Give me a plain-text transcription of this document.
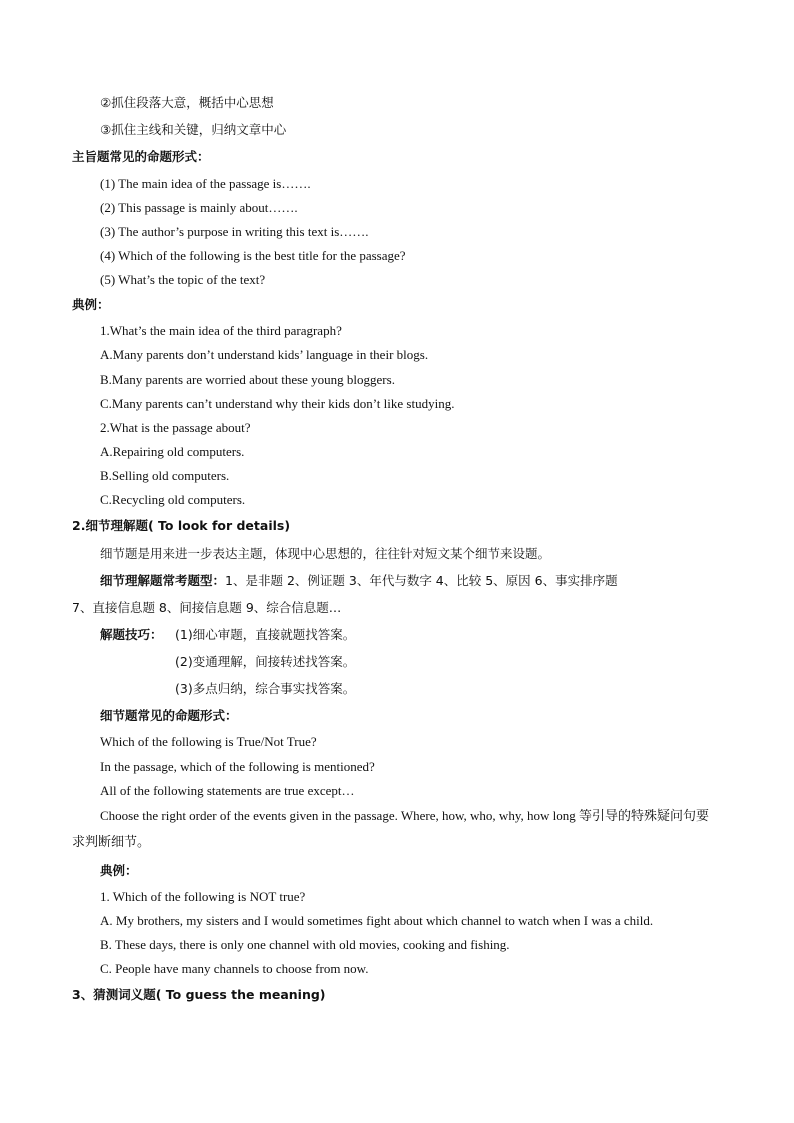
②抓住段落大意，概括中心思想
③抓住主线和关键，归纳文章中心
主旨题常见的命题形式：
(1) The main idea of the passage is…….
(2) This passage is mainly about…….
(3) The author’s purpose in writing this text is…….
(4) Which of the following is the best title for the passage?
(5) What’s the topic of the text?
典例：
1.What’s the main idea of the third paragraph?
A.Many parents don’t understand kids’ language in their blogs.
B.Many parents are worried about these young bloggers.
C.Many parents can’t understand why their kids don’t like studying.
2.What is the passage about?
A.Repairing old computers.
B.Selling old computers.
C.Recycling old computers.
2.细节理解题( To look for details)
细节题是用来进一步表达主题，体现中心思想的，往往针对短文某个细节来设题。
细节理解题常考题型：1、是非题 2、例证题 3、年代与数字 4、比较 5、原因 6、事实排序题
7、直接信息题 8、间接信息题 9、综合信息题…
解题技巧： (1)细心审题，直接就题找答案。
(2)变通理解，间接转述找答案。
(3)多点归纳，综合事实找答案。
细节题常见的命题形式：
Which of the following is True/Not True?
In the passage, which of the following is mentioned?
All of the following statements are true except…
Choose the right order of the events given in the passage. Where, how, who, why, how long 等引导的特殊疑问句要求判断细节。
典例：
1. Which of the following is NOT true?
A. My brothers, my sisters and I would sometimes fight about which channel to watch when I was a child.
B. These days, there is only one channel with old movies, cooking and fishing.
C. People have many channels to choose from now.
3、猜测词义题( To guess the meaning)
